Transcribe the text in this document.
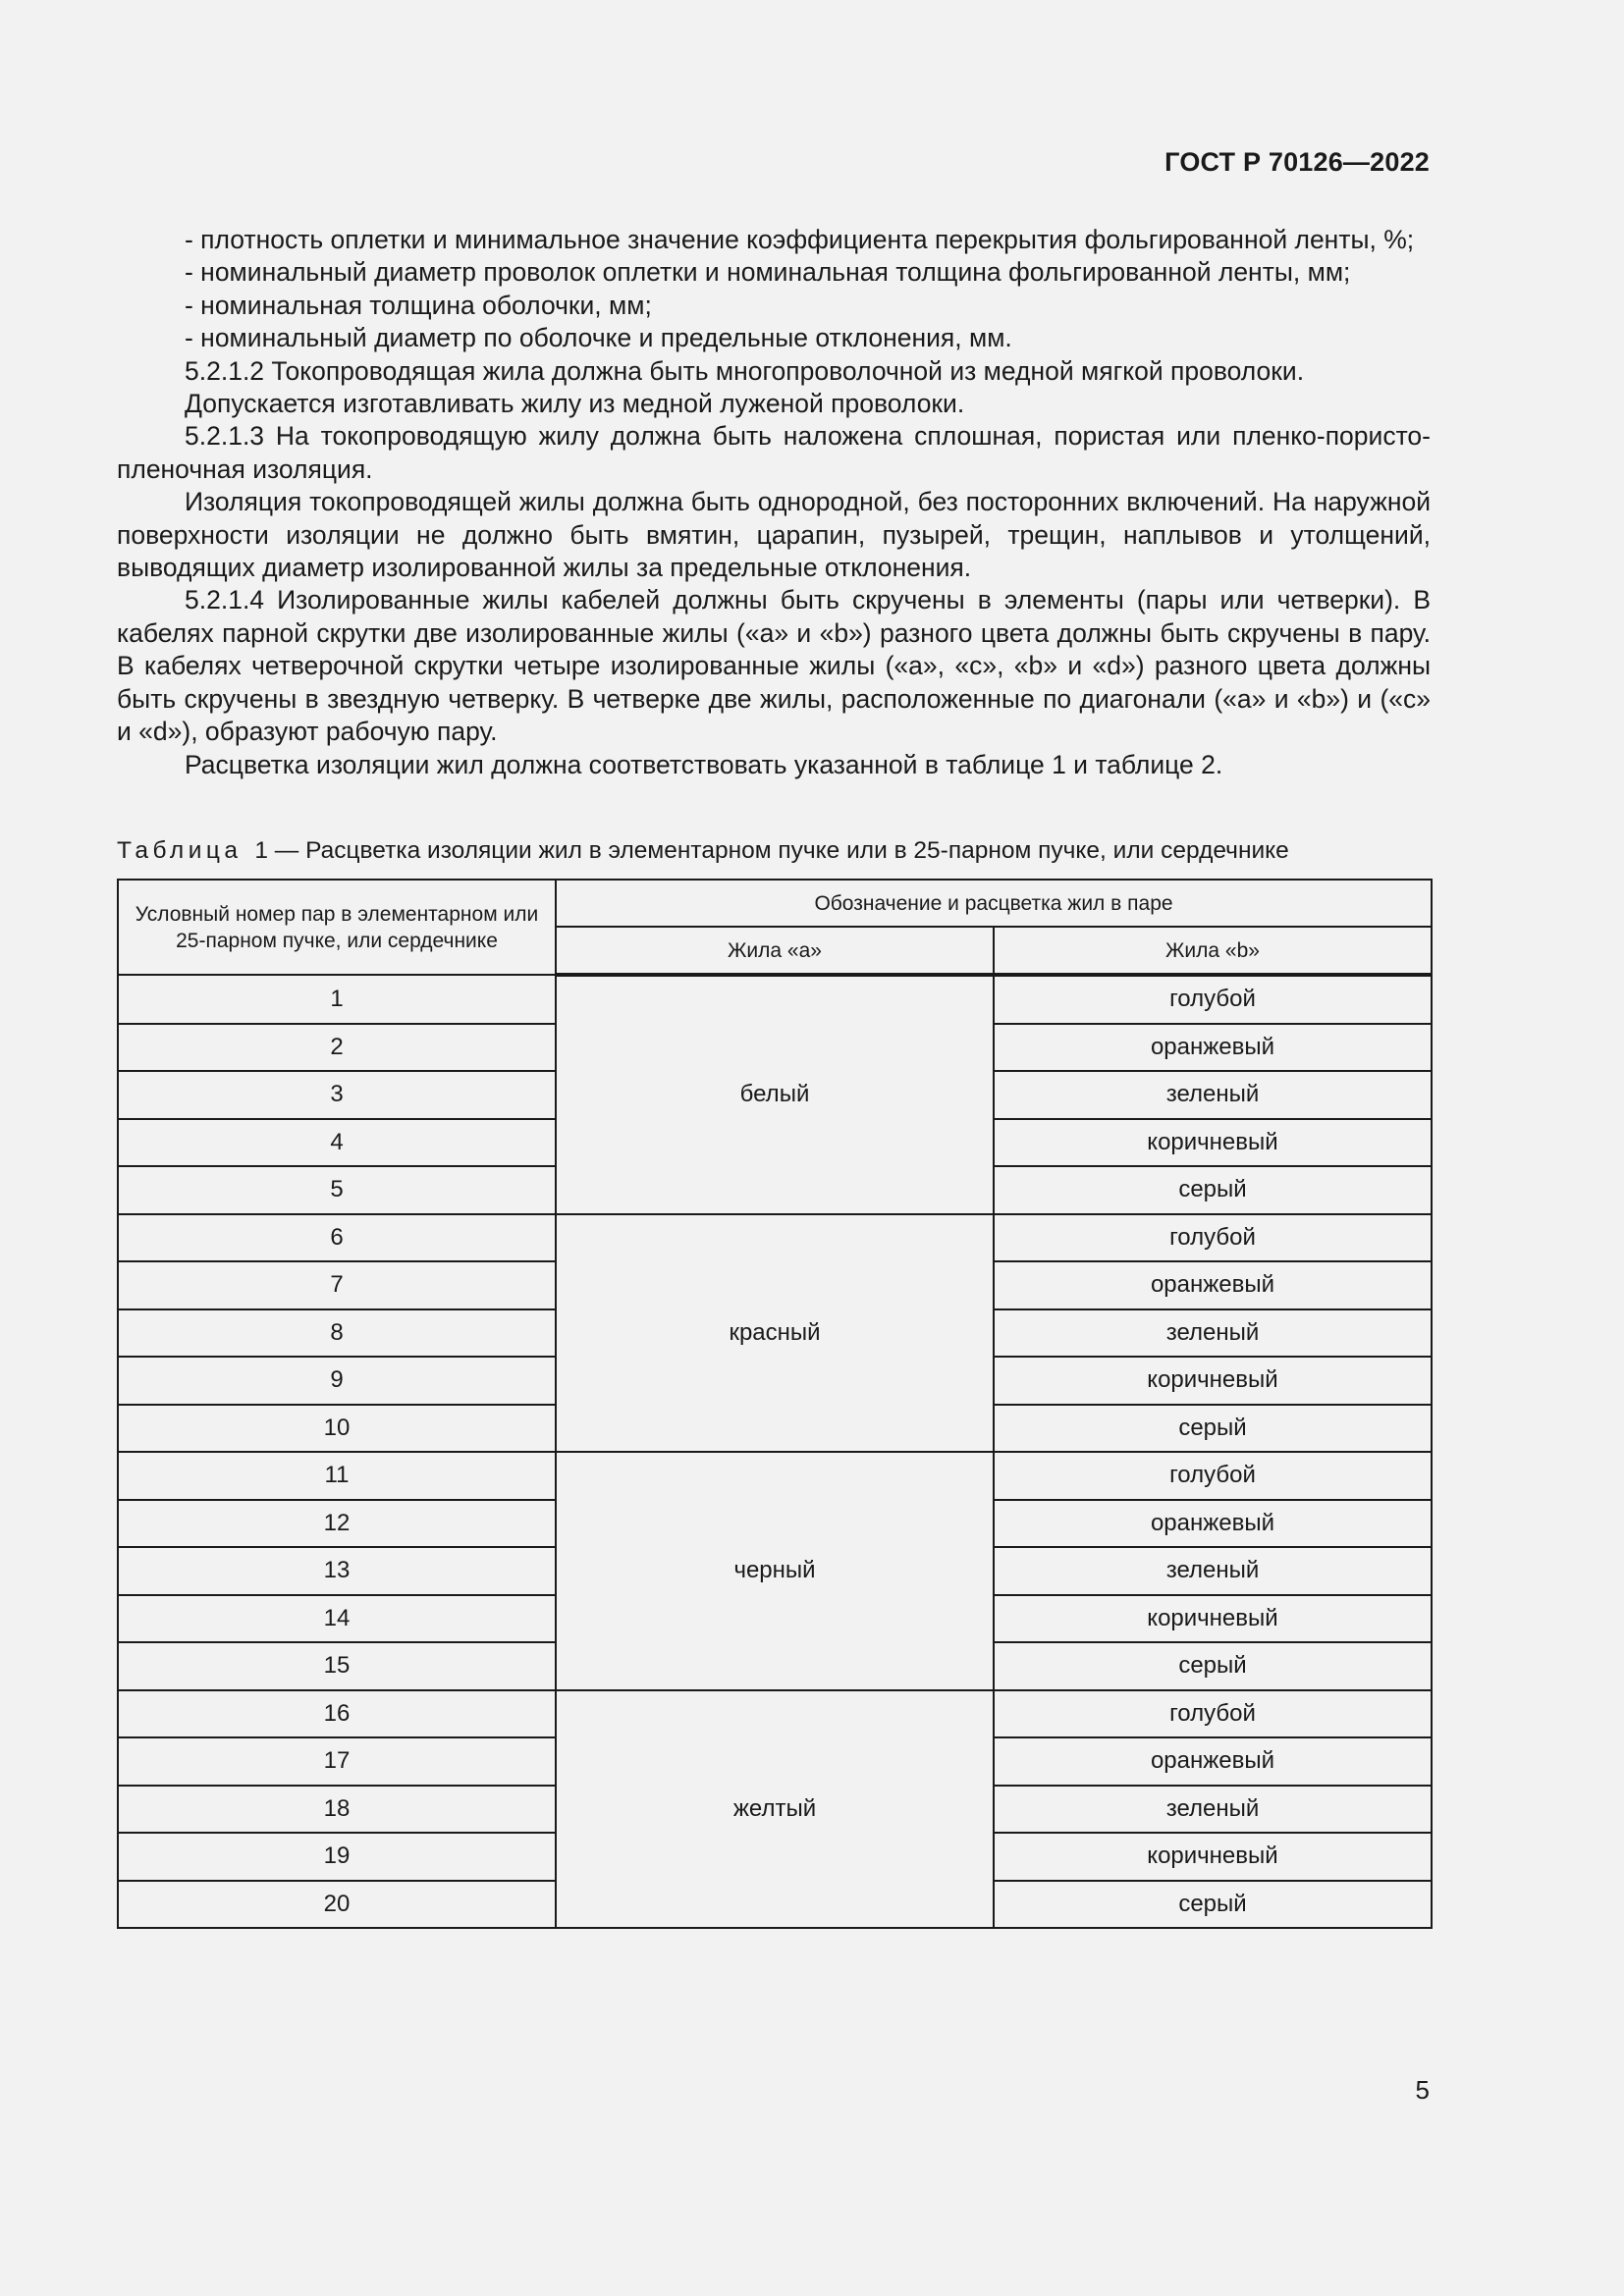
ГОСТ Р 70126—2022

- плотность оплетки и минимальное значение коэффициента перекрытия фольгированной ленты, %;

- номинальный диаметр проволок оплетки и номинальная толщина фольгированной ленты, мм;

- номинальная толщина оболочки, мм;

- номинальный диаметр по оболочке и предельные отклонения, мм.

5.2.1.2 Токопроводящая жила должна быть многопроволочной из медной мягкой проволоки.

Допускается изготавливать жилу из медной луженой проволоки.

5.2.1.3 На токопроводящую жилу должна быть наложена сплошная, пористая или пленко-пористо-пленочная изоляция.

Изоляция токопроводящей жилы должна быть однородной, без посторонних включений. На наружной поверхности изоляции не должно быть вмятин, царапин, пузырей, трещин, наплывов и утолщений, выводящих диаметр изолированной жилы за предельные отклонения.

5.2.1.4 Изолированные жилы кабелей должны быть скручены в элементы (пары или четверки). В кабелях парной скрутки две изолированные жилы («a» и «b») разного цвета должны быть скручены в пару. В кабелях четверочной скрутки четыре изолированные жилы («a», «c», «b» и «d») разного цвета должны быть скручены в звездную четверку. В четверке две жилы, расположенные по диагонали («a» и «b») и («c» и «d»), образуют рабочую пару.

Расцветка изоляции жил должна соответствовать указанной в таблице 1 и таблице 2.

Таблица 1 — Расцветка изоляции жил в элементарном пучке или в 25-парном пучке, или сердечнике
Условный номер пар в элементарном или 25-парном пучке, или сердечнике	Обозначение и расцветка жил в паре	
	Жила «a»	Жила «b»
1	белый	голубой
2		оранжевый
3		зеленый
4		коричневый
5		серый
6	красный	голубой
7		оранжевый
8		зеленый
9		коричневый
10		серый
11	черный	голубой
12		оранжевый
13		зеленый
14		коричневый
15		серый
16	желтый	голубой
17		оранжевый
18		зеленый
19		коричневый
20		серый
5
